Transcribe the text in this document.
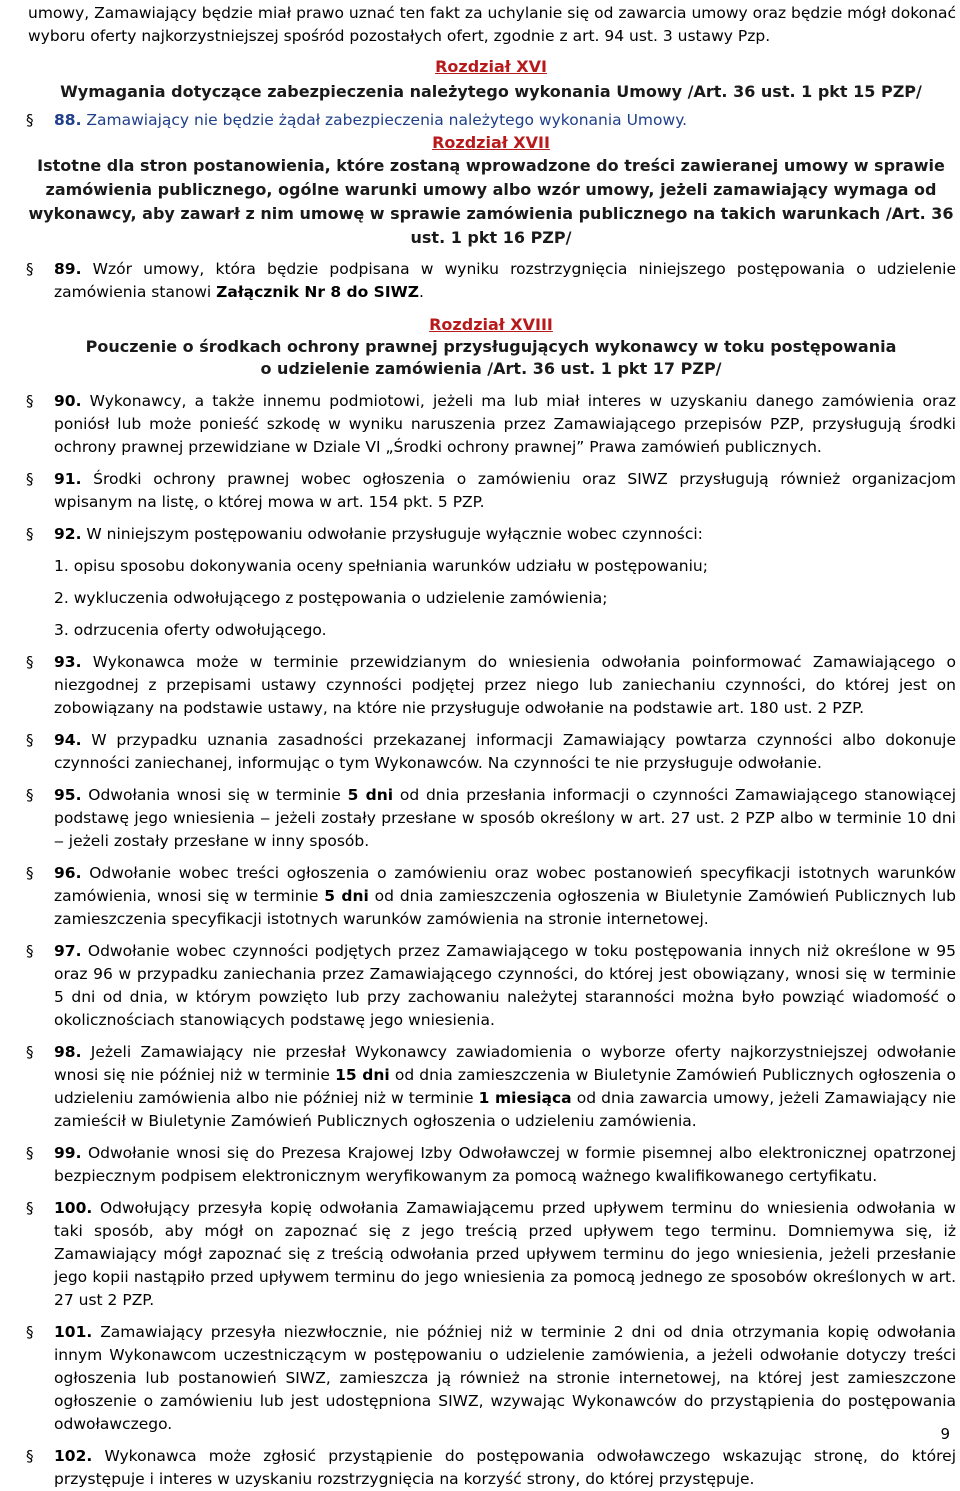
umowy, Zamawiający będzie miał prawo uznać ten fakt za uchylanie się od zawarcia umowy oraz będzie mógł dokonać wyboru oferty najkorzystniejszej spośród pozostałych ofert, zgodnie z art. 94 ust. 3 ustawy Pzp.

Rozdział XVI

Wymagania dotyczące zabezpieczenia należytego wykonania Umowy /Art. 36 ust. 1 pkt 15 PZP/

§ 88. Zamawiający nie będzie żądał zabezpieczenia należytego wykonania Umowy.

Rozdział XVII

Istotne dla stron postanowienia, które zostaną wprowadzone do treści zawieranej umowy w sprawie zamówienia publicznego, ogólne warunki umowy albo wzór umowy, jeżeli zamawiający wymaga od wykonawcy, aby zawarł z nim umowę w sprawie zamówienia publicznego na takich warunkach /Art. 36 ust. 1 pkt 16 PZP/

§ 89. Wzór umowy, która będzie podpisana w wyniku rozstrzygnięcia niniejszego postępowania o udzielenie zamówienia stanowi Załącznik Nr 8 do SIWZ.

Rozdział XVIII

Pouczenie o środkach ochrony prawnej przysługujących wykonawcy w toku postępowania

o udzielenie zamówienia /Art. 36 ust. 1 pkt 17 PZP/

§ 90. Wykonawcy, a także innemu podmiotowi, jeżeli ma lub miał interes w uzyskaniu danego zamówienia oraz poniósł lub może ponieść szkodę w wyniku naruszenia przez Zamawiającego przepisów PZP, przysługują środki ochrony prawnej przewidziane w Dziale VI „Środki ochrony prawnej” Prawa zamówień publicznych.
§ 91. Środki ochrony prawnej wobec ogłoszenia o zamówieniu oraz SIWZ przysługują również organizacjom wpisanym na listę, o której mowa w art. 154 pkt. 5 PZP.
§ 92. W niniejszym postępowaniu odwołanie przysługuje wyłącznie wobec czynności:

1. opisu sposobu dokonywania oceny spełniania warunków udziału w postępowaniu;

2. wykluczenia odwołującego z postępowania o udzielenie zamówienia;

3. odrzucenia oferty odwołującego.

§ 93. Wykonawca może w terminie przewidzianym do wniesienia odwołania poinformować Zamawiającego o niezgodnej z przepisami ustawy czynności podjętej przez niego lub zaniechaniu czynności, do której jest on zobowiązany na podstawie ustawy, na które nie przysługuje odwołanie na podstawie art. 180 ust. 2 PZP.
§ 94. W przypadku uznania zasadności przekazanej informacji Zamawiający powtarza czynności albo dokonuje czynności zaniechanej, informując o tym Wykonawców. Na czynności te nie przysługuje odwołanie.
§ 95. Odwołania wnosi się w terminie 5 dni od dnia przesłania informacji o czynności Zamawiającego stanowiącej podstawę jego wniesienia ‒ jeżeli zostały przesłane w sposób określony w art. 27 ust. 2 PZP albo w terminie 10 dni ‒ jeżeli zostały przesłane w inny sposób.
§ 96. Odwołanie wobec treści ogłoszenia o zamówieniu oraz wobec postanowień specyfikacji istotnych warunków zamówienia, wnosi się w terminie 5 dni od dnia zamieszczenia ogłoszenia w Biuletynie Zamówień Publicznych lub zamieszczenia specyfikacji istotnych warunków zamówienia na stronie internetowej.
§ 97. Odwołanie wobec czynności podjętych przez Zamawiającego w toku postępowania innych niż określone w 95 oraz 96 w przypadku zaniechania przez Zamawiającego czynności, do której jest obowiązany, wnosi się w terminie 5 dni od dnia, w którym powzięto lub przy zachowaniu należytej staranności można było powziąć wiadomość o okolicznościach stanowiących podstawę jego wniesienia.
§ 98. Jeżeli Zamawiający nie przesłał Wykonawcy zawiadomienia o wyborze oferty najkorzystniejszej odwołanie wnosi się nie później niż w terminie 15 dni od dnia zamieszczenia w Biuletynie Zamówień Publicznych ogłoszenia o udzieleniu zamówienia albo nie później niż w terminie 1 miesiąca od dnia zawarcia umowy, jeżeli Zamawiający nie zamieścił w Biuletynie Zamówień Publicznych ogłoszenia o udzieleniu zamówienia.
§ 99. Odwołanie wnosi się do Prezesa Krajowej Izby Odwoławczej w formie pisemnej albo elektronicznej opatrzonej bezpiecznym podpisem elektronicznym weryfikowanym za pomocą ważnego kwalifikowanego certyfikatu.
§ 100. Odwołujący przesyła kopię odwołania Zamawiającemu przed upływem terminu do wniesienia odwołania w taki sposób, aby mógł on zapoznać się z jego treścią przed upływem tego terminu. Domniemywa się, iż Zamawiający mógł zapoznać się z treścią odwołania przed upływem terminu do jego wniesienia, jeżeli przesłanie jego kopii nastąpiło przed upływem terminu do jego wniesienia za pomocą jednego ze sposobów określonych w art. 27 ust 2 PZP.
§ 101. Zamawiający przesyła niezwłocznie, nie później niż w terminie 2 dni od dnia otrzymania kopię odwołania innym Wykonawcom uczestniczącym w postępowaniu o udzielenie zamówienia, a jeżeli odwołanie dotyczy treści ogłoszenia lub postanowień SIWZ, zamieszcza ją również na stronie internetowej, na której jest zamieszczone ogłoszenie o zamówieniu lub jest udostępniona SIWZ, wzywając Wykonawców do przystąpienia do postępowania odwoławczego.
§ 102. Wykonawca może zgłosić przystąpienie do postępowania odwoławczego wskazując stronę, do której przystępuje i interes w uzyskaniu rozstrzygnięcia na korzyść strony, do której przystępuje.
9
